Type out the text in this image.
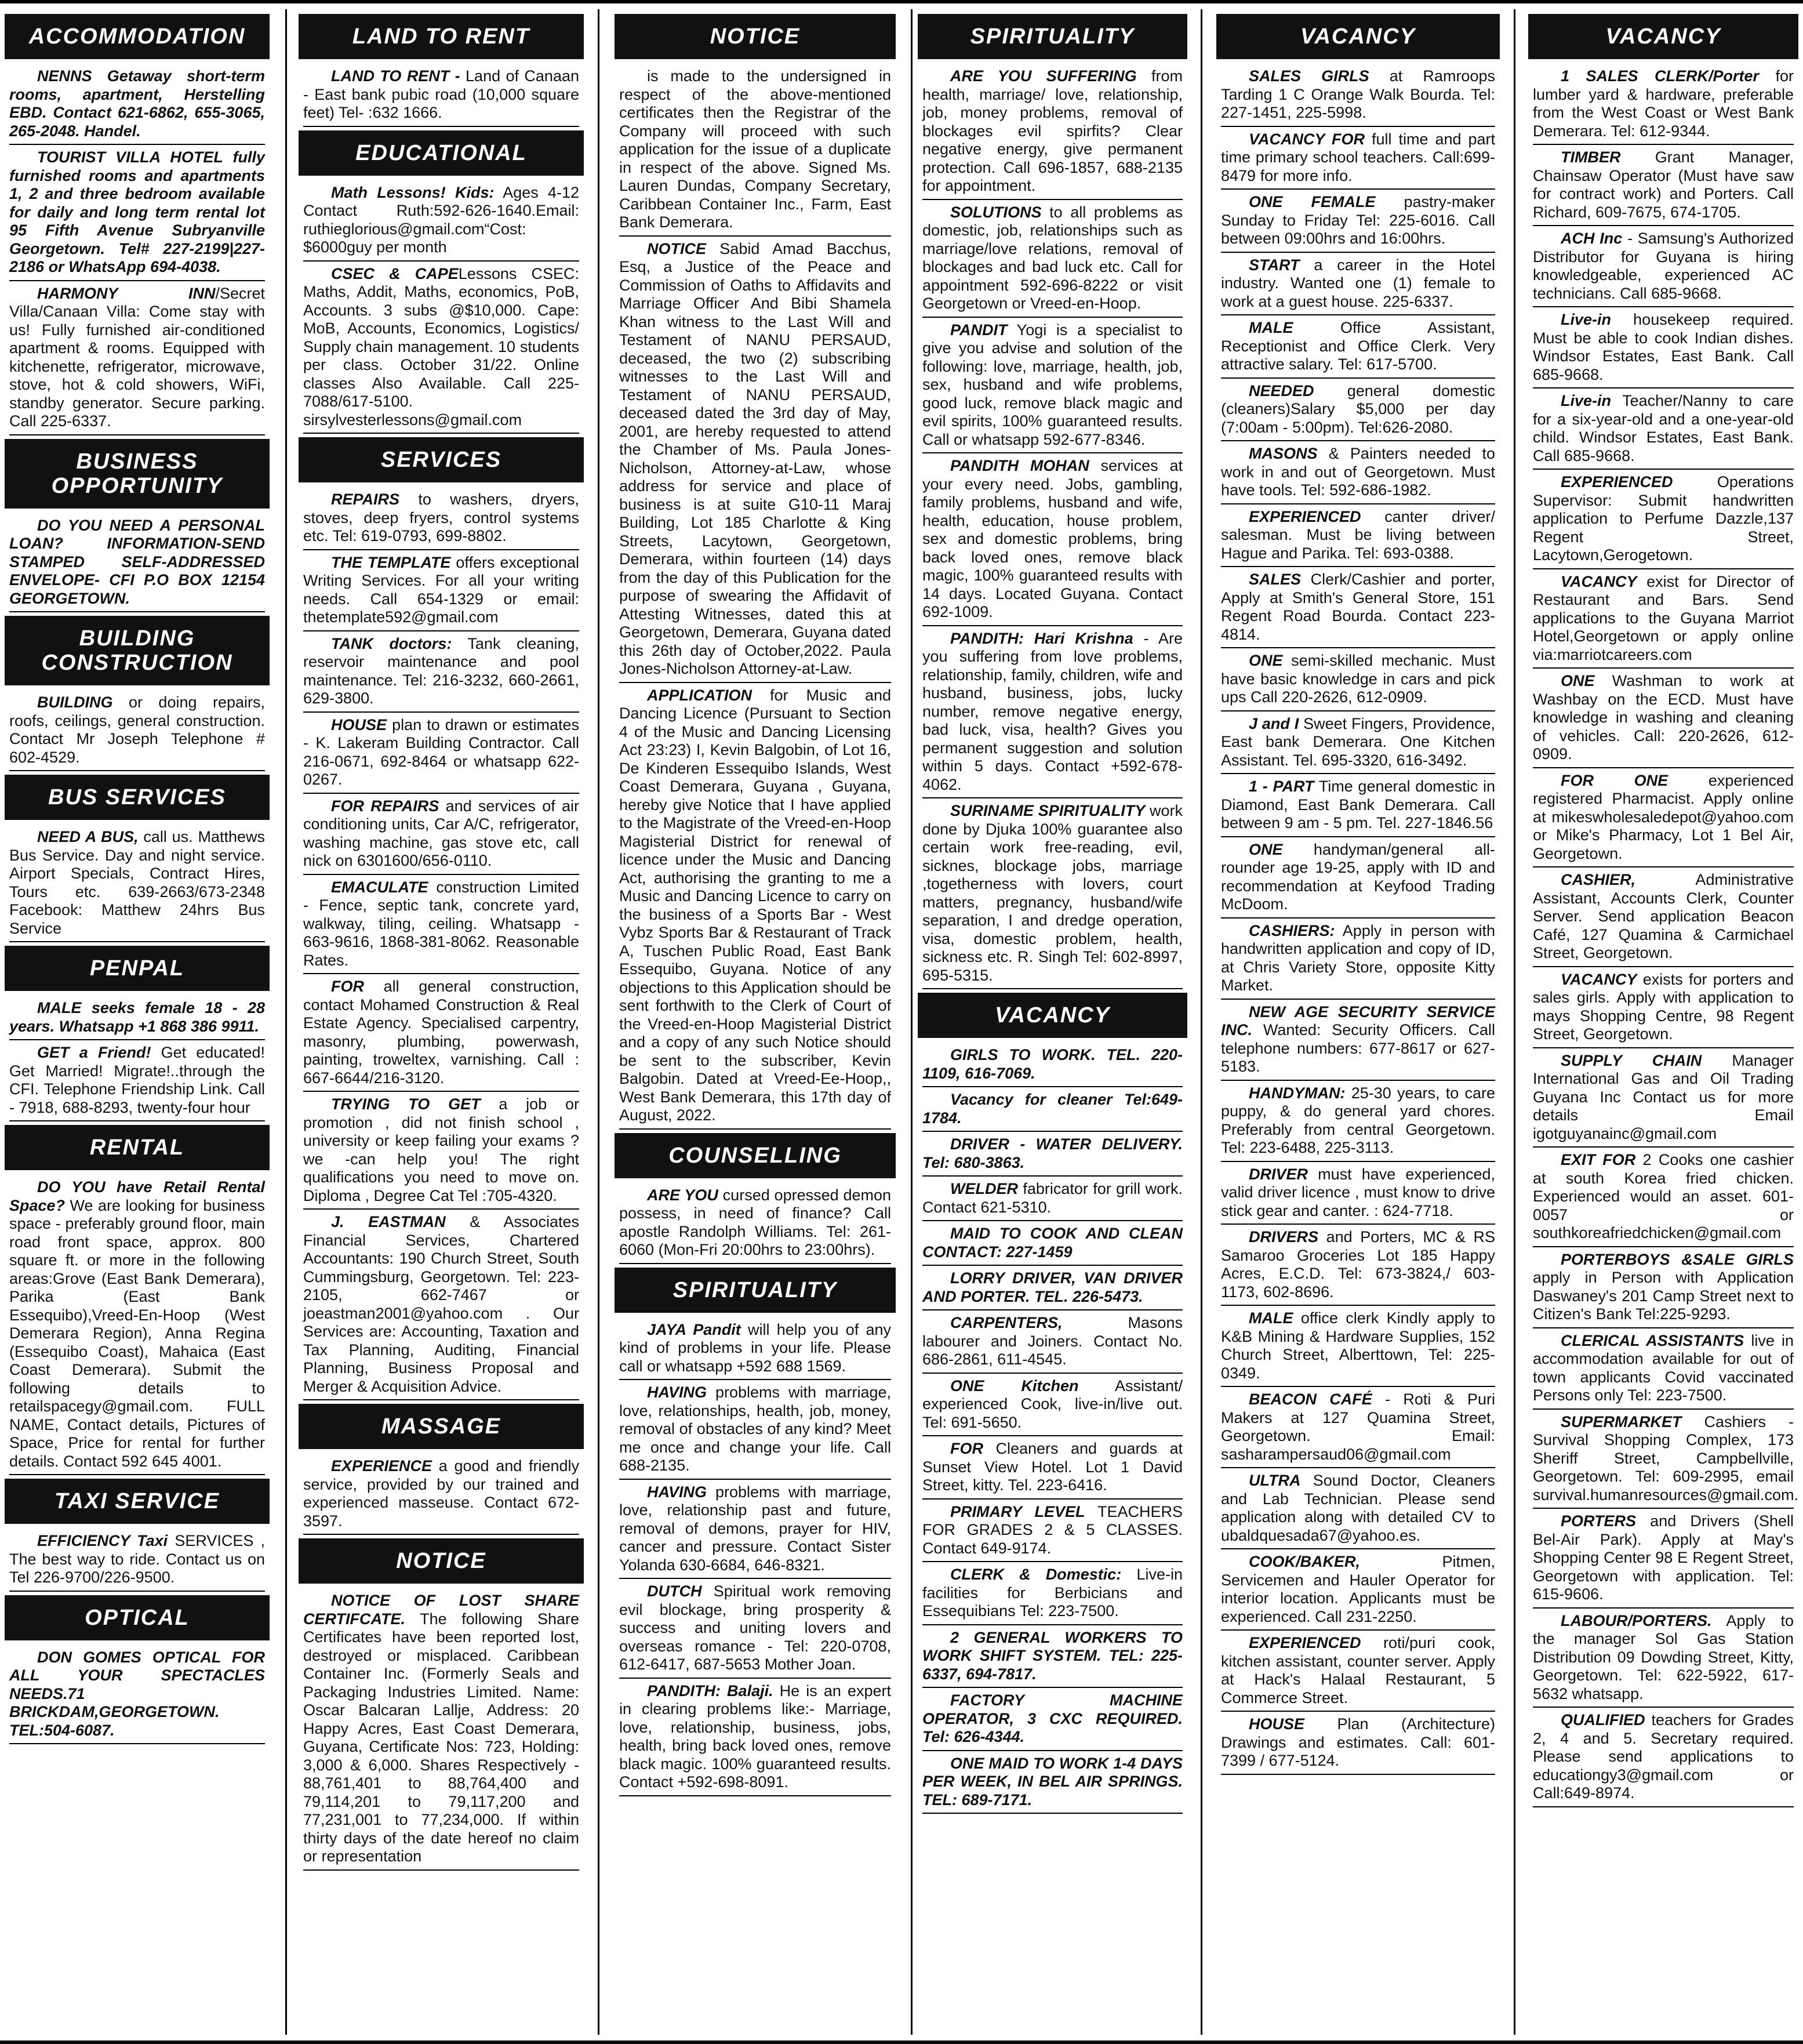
ACCOMMODATION
NENNS Getaway short-term rooms, apartment, Herstelling EBD. Contact 621-6862, 655-3065, 265-2048. Handel.
TOURIST VILLA HOTEL fully furnished rooms and apartments 1, 2 and three bedroom available for daily and long term rental lot 95 Fifth Avenue Subryanville Georgetown. Tel# 227-2199|227-2186 or WhatsApp 694-4038.
HARMONY INN/Secret Villa/Canaan Villa: Come stay with us! Fully furnished air-conditioned apartment & rooms. Equipped with kitchenette, refrigerator, microwave, stove, hot & cold showers, WiFi, standby generator. Secure parking. Call 225-6337.
BUSINESS OPPORTUNITY
DO YOU NEED A PERSONAL LOAN? INFORMATION-SEND STAMPED SELF-ADDRESSED ENVELOPE- CFI P.O BOX 12154 GEORGETOWN.
BUILDING CONSTRUCTION
BUILDING or doing repairs, roofs, ceilings, general construction. Contact Mr Joseph Telephone # 602-4529.
BUS SERVICES
NEED A BUS, call us. Matthews Bus Service. Day and night service. Airport Specials, Contract Hires, Tours etc. 639-2663/673-2348 Facebook: Matthew 24hrs Bus Service
PENPAL
MALE seeks female 18 - 28 years. Whatsapp +1 868 386 9911.
GET a Friend! Get educated! Get Married! Migrate!..through the CFI. Telephone Friendship Link. Call - 7918, 688-8293, twenty-four hour
RENTAL
DO YOU have Retail Rental Space? We are looking for business space - preferably ground floor, main road front space, approx. 800 square ft. or more in the following areas:Grove (East Bank Demerara), Parika (East Bank Essequibo),Vreed-En-Hoop (West Demerara Region), Anna Regina (Essequibo Coast), Mahaica (East Coast Demerara). Submit the following details to retailspacegy@gmail.com. FULL NAME, Contact details, Pictures of Space, Price for rental for further details. Contact 592 645 4001.
TAXI SERVICE
EFFICIENCY Taxi SERVICES , The best way to ride. Contact us on Tel 226-9700/226-9500.
OPTICAL
DON GOMES OPTICAL FOR ALL YOUR SPECTACLES NEEDS.71 BRICKDAM,GEORGETOWN. TEL:504-6087.
LAND TO RENT
LAND TO RENT - Land of Canaan - East bank pubic road (10,000 square feet) Tel- :632 1666.
EDUCATIONAL
Math Lessons! Kids: Ages 4-12 Contact Ruth:592-626-1640.Email: ruthieglorious@gmail.com“Cost: $6000guy per month
CSEC & CAPELessons CSEC: Maths, Addit, Maths, economics, PoB, Accounts. 3 subs @$10,000. Cape: MoB, Accounts, Economics, Logistics/ Supply chain management. 10 students per class. October 31/22. Online classes Also Available. Call 225-7088/617-5100. sirsylvesterlessons@gmail.com
SERVICES
REPAIRS to washers, dryers, stoves, deep fryers, control systems etc. Tel: 619-0793, 699-8802.
THE TEMPLATE offers exceptional Writing Services. For all your writing needs. Call 654-1329 or email: thetemplate592@gmail.com
TANK doctors: Tank cleaning, reservoir maintenance and pool maintenance. Tel: 216-3232, 660-2661, 629-3800.
HOUSE plan to drawn or estimates - K. Lakeram Building Contractor. Call 216-0671, 692-8464 or whatsapp 622-0267.
FOR REPAIRS and services of air conditioning units, Car A/C, refrigerator, washing machine, gas stove etc, call nick on 6301600/656-0110.
EMACULATE construction Limited - Fence, septic tank, concrete yard, walkway, tiling, ceiling. Whatsapp - 663-9616, 1868-381-8062. Reasonable Rates.
FOR all general construction, contact Mohamed Construction & Real Estate Agency. Specialised carpentry, masonry, plumbing, powerwash, painting, troweltex, varnishing. Call : 667-6644/216-3120.
TRYING TO GET a job or promotion , did not finish school , university or keep failing your exams ? we -can help you! The right qualifications you need to move on. Diploma , Degree Cat Tel :705-4320.
J. EASTMAN & Associates Financial Services, Chartered Accountants: 190 Church Street, South Cummingsburg, Georgetown. Tel: 223-2105, 662-7467 or joeastman2001@yahoo.com . Our Services are: Accounting, Taxation and Tax Planning, Auditing, Financial Planning, Business Proposal and Merger & Acquisition Advice.
MASSAGE
EXPERIENCE a good and friendly service, provided by our trained and experienced masseuse. Contact 672-3597.
NOTICE
NOTICE OF LOST SHARE CERTIFCATE. The following Share Certificates have been reported lost, destroyed or misplaced. Caribbean Container Inc. (Formerly Seals and Packaging Industries Limited. Name: Oscar Balcaran Lallje, Address: 20 Happy Acres, East Coast Demerara, Guyana, Certificate Nos: 723, Holding: 3,000 & 6,000. Shares Respectively - 88,761,401 to 88,764,400 and 79,114,201 to 79,117,200 and 77,231,001 to 77,234,000. If within thirty days of the date hereof no claim or representation
NOTICE
is made to the undersigned in respect of the above-mentioned certificates then the Registrar of the Company will proceed with such application for the issue of a duplicate in respect of the above. Signed Ms. Lauren Dundas, Company Secretary, Caribbean Container Inc., Farm, East Bank Demerara.
NOTICE Sabid Amad Bacchus, Esq, a Justice of the Peace and Commission of Oaths to Affidavits and Marriage Officer And Bibi Shamela Khan witness to the Last Will and Testament of NANU PERSAUD, deceased, the two (2) subscribing witnesses to the Last Will and Testament of NANU PERSAUD, deceased dated the 3rd day of May, 2001, are hereby requested to attend the Chamber of Ms. Paula Jones-Nicholson, Attorney-at-Law, whose address for service and place of business is at suite G10-11 Maraj Building, Lot 185 Charlotte & King Streets, Lacytown, Georgetown, Demerara, within fourteen (14) days from the day of this Publication for the purpose of swearing the Affidavit of Attesting Witnesses, dated this at Georgetown, Demerara, Guyana dated this 26th day of October,2022. Paula Jones-Nicholson Attorney-at-Law.
APPLICATION for Music and Dancing Licence (Pursuant to Section 4 of the Music and Dancing Licensing Act 23:23) I, Kevin Balgobin, of Lot 16, De Kinderen Essequibo Islands, West Coast Demerara, Guyana , Guyana, hereby give Notice that I have applied to the Magistrate of the Vreed-en-Hoop Magisterial District for renewal of licence under the Music and Dancing Act, authorising the granting to me a Music and Dancing Licence to carry on the business of a Sports Bar - West Vybz Sports Bar & Restaurant of Track A, Tuschen Public Road, East Bank Essequibo, Guyana. Notice of any objections to this Application should be sent forthwith to the Clerk of Court of the Vreed-en-Hoop Magisterial District and a copy of any such Notice should be sent to the subscriber, Kevin Balgobin. Dated at Vreed-Ee-Hoop,, West Bank Demerara, this 17th day of August, 2022.
COUNSELLING
ARE YOU cursed opressed demon possess, in need of finance? Call apostle Randolph Williams. Tel: 261-6060 (Mon-Fri 20:00hrs to 23:00hrs).
SPIRITUALITY
JAYA Pandit will help you of any kind of problems in your life. Please call or whatsapp +592 688 1569.
HAVING problems with marriage, love, relationships, health, job, money, removal of obstacles of any kind? Meet me once and change your life. Call 688-2135.
HAVING problems with marriage, love, relationship past and future, removal of demons, prayer for HIV, cancer and pressure. Contact Sister Yolanda 630-6684, 646-8321.
DUTCH Spiritual work removing evil blockage, bring prosperity & success and uniting lovers and overseas romance - Tel: 220-0708, 612-6417, 687-5653 Mother Joan.
PANDITH: Balaji. He is an expert in clearing problems like:- Marriage, love, relationship, business, jobs, health, bring back loved ones, remove black magic. 100% guaranteed results. Contact +592-698-8091.
SPIRITUALITY
ARE YOU SUFFERING from health, marriage/ love, relationship, job, money problems, removal of blockages evil spirfits? Clear negative energy, give permanent protection. Call 696-1857, 688-2135 for appointment.
SOLUTIONS to all problems as domestic, job, relationships such as marriage/love relations, removal of blockages and bad luck etc. Call for appointment 592-696-8222 or visit Georgetown or Vreed-en-Hoop.
PANDIT Yogi is a specialist to give you advise and solution of the following: love, marriage, health, job, sex, husband and wife problems, good luck, remove black magic and evil spirits, 100% guaranteed results. Call or whatsapp 592-677-8346.
PANDITH MOHAN services at your every need. Jobs, gambling, family problems, husband and wife, health, education, house problem, sex and domestic problems, bring back loved ones, remove black magic, 100% guaranteed results with 14 days. Located Guyana. Contact 692-1009.
PANDITH: Hari Krishna - Are you suffering from love problems, relationship, family, children, wife and husband, business, jobs, lucky number, remove negative energy, bad luck, visa, health? Gives you permanent suggestion and solution within 5 days. Contact +592-678-4062.
SURINAME SPIRITUALITY work done by Djuka 100% guarantee also certain work free-reading, evil, sicknes, blockage jobs, marriage ,togetherness with lovers, court matters, pregnancy, husband/wife separation, I and dredge operation, visa, domestic problem, health, sickness etc. R. Singh Tel: 602-8997, 695-5315.
VACANCY
GIRLS TO WORK. TEL. 220-1109, 616-7069.
Vacancy for cleaner Tel:649-1784.
DRIVER - WATER DELIVERY. Tel: 680-3863.
WELDER fabricator for grill work. Contact 621-5310.
MAID TO COOK AND CLEAN CONTACT: 227-1459
LORRY DRIVER, VAN DRIVER AND PORTER. TEL. 226-5473.
CARPENTERS, Masons labourer and Joiners. Contact No. 686-2861, 611-4545.
ONE Kitchen Assistant/ experienced Cook, live-in/live out. Tel: 691-5650.
FOR Cleaners and guards at Sunset View Hotel. Lot 1 David Street, kitty. Tel. 223-6416.
PRIMARY LEVEL TEACHERS FOR GRADES 2 & 5 CLASSES. Contact 649-9174.
CLERK & Domestic: Live-in facilities for Berbicians and Essequibians Tel: 223-7500.
2 GENERAL WORKERS TO WORK SHIFT SYSTEM. TEL: 225-6337, 694-7817.
FACTORY MACHINE OPERATOR, 3 CXC REQUIRED. Tel: 626-4344.
ONE MAID TO WORK 1-4 DAYS PER WEEK, IN BEL AIR SPRINGS. TEL: 689-7171.
VACANCY
SALES GIRLS at Ramroops Tarding 1 C Orange Walk Bourda. Tel: 227-1451, 225-5998.
VACANCY FOR full time and part time primary school teachers. Call:699-8479 for more info.
ONE FEMALE pastry-maker Sunday to Friday Tel: 225-6016. Call between 09:00hrs and 16:00hrs.
START a career in the Hotel industry. Wanted one (1) female to work at a guest house. 225-6337.
MALE Office Assistant, Receptionist and Office Clerk. Very attractive salary. Tel: 617-5700.
NEEDED general domestic (cleaners)Salary $5,000 per day (7:00am - 5:00pm). Tel:626-2080.
MASONS & Painters needed to work in and out of Georgetown. Must have tools. Tel: 592-686-1982.
EXPERIENCED canter driver/ salesman. Must be living between Hague and Parika. Tel: 693-0388.
SALES Clerk/Cashier and porter, Apply at Smith's General Store, 151 Regent Road Bourda. Contact 223-4814.
ONE semi-skilled mechanic. Must have basic knowledge in cars and pick ups Call 220-2626, 612-0909.
J and I Sweet Fingers, Providence, East bank Demerara. One Kitchen Assistant. Tel. 695-3320, 616-3492.
1 - PART Time general domestic in Diamond, East Bank Demerara. Call between 9 am - 5 pm. Tel. 227-1846.56
ONE handyman/general all-rounder age 19-25, apply with ID and recommendation at Keyfood Trading McDoom.
CASHIERS: Apply in person with handwritten application and copy of ID, at Chris Variety Store, opposite Kitty Market.
NEW AGE SECURITY SERVICE INC. Wanted: Security Officers. Call telephone numbers: 677-8617 or 627-5183.
HANDYMAN: 25-30 years, to care puppy, & do general yard chores. Preferably from central Georgetown. Tel: 223-6488, 225-3113.
DRIVER must have experienced, valid driver licence , must know to drive stick gear and canter. : 624-7718.
DRIVERS and Porters, MC & RS Samaroo Groceries Lot 185 Happy Acres, E.C.D. Tel: 673-3824,/ 603-1173, 602-8696.
MALE office clerk Kindly apply to K&B Mining & Hardware Supplies, 152 Church Street, Alberttown, Tel: 225-0349.
BEACON CAFÉ - Roti & Puri Makers at 127 Quamina Street, Georgetown. Email: sasharampersaud06@gmail.com
ULTRA Sound Doctor, Cleaners and Lab Technician. Please send application along with detailed CV to ubaldquesada67@yahoo.es.
COOK/BAKER, Pitmen, Servicemen and Hauler Operator for interior location. Applicants must be experienced. Call 231-2250.
EXPERIENCED roti/puri cook, kitchen assistant, counter server. Apply at Hack's Halaal Restaurant, 5 Commerce Street.
HOUSE Plan (Architecture) Drawings and estimates. Call: 601-7399 / 677-5124.
VACANCY
1 SALES CLERK/Porter for lumber yard & hardware, preferable from the West Coast or West Bank Demerara. Tel: 612-9344.
TIMBER Grant Manager, Chainsaw Operator (Must have saw for contract work) and Porters. Call Richard, 609-7675, 674-1705.
ACH Inc - Samsung's Authorized Distributor for Guyana is hiring knowledgeable, experienced AC technicians. Call 685-9668.
Live-in housekeep required. Must be able to cook Indian dishes. Windsor Estates, East Bank. Call 685-9668.
Live-in Teacher/Nanny to care for a six-year-old and a one-year-old child. Windsor Estates, East Bank. Call 685-9668.
EXPERIENCED Operations Supervisor: Submit handwritten application to Perfume Dazzle,137 Regent Street, Lacytown,Gerogetown.
VACANCY exist for Director of Restaurant and Bars. Send applications to the Guyana Marriot Hotel,Georgetown or apply online via:marriotcareers.com
ONE Washman to work at Washbay on the ECD. Must have knowledge in washing and cleaning of vehicles. Call: 220-2626, 612-0909.
FOR ONE experienced registered Pharmacist. Apply online at mikeswholesaledepot@yahoo.com or Mike's Pharmacy, Lot 1 Bel Air, Georgetown.
CASHIER, Administrative Assistant, Accounts Clerk, Counter Server. Send application Beacon Café, 127 Quamina & Carmichael Street, Georgetown.
VACANCY exists for porters and sales girls. Apply with application to mays Shopping Centre, 98 Regent Street, Georgetown.
SUPPLY CHAIN Manager International Gas and Oil Trading Guyana Inc Contact us for more details Email igotguyanainc@gmail.com
EXIT FOR 2 Cooks one cashier at south Korea fried chicken. Experienced would an asset. 601-0057 or southkoreafriedchicken@gmail.com
PORTERBOYS &SALE GIRLS apply in Person with Application Daswaney's 201 Camp Street next to Citizen's Bank Tel:225-9293.
CLERICAL ASSISTANTS live in accommodation available for out of town applicants Covid vaccinated Persons only Tel: 223-7500.
SUPERMARKET Cashiers - Survival Shopping Complex, 173 Sheriff Street, Campbellville, Georgetown. Tel: 609-2995, email survival.humanresources@gmail.com.
PORTERS and Drivers (Shell Bel-Air Park). Apply at May's Shopping Center 98 E Regent Street, Georgetown with application. Tel: 615-9606.
LABOUR/PORTERS. Apply to the manager Sol Gas Station Distribution 09 Dowding Street, Kitty, Georgetown. Tel: 622-5922, 617-5632 whatsapp.
QUALIFIED teachers for Grades 2, 4 and 5. Secretary required. Please send applications to educationgy3@gmail.com or Call:649-8974.
